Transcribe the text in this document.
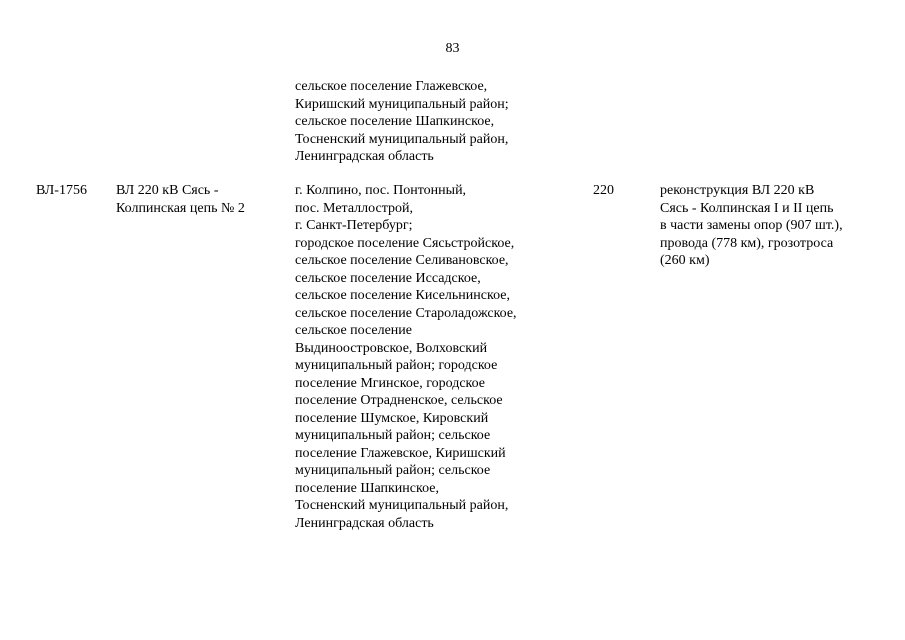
83
сельское поселение Глажевское,
Киришский муниципальный район;
сельское поселение Шапкинское,
Тосненский муниципальный район,
Ленинградская область
ВЛ-1756 ВЛ 220 кВ Сясь -
Колпинская цепь № 2
г. Колпино, пос. Понтонный,
пос. Металлострой,
г. Санкт-Петербург;
городское поселение Сясьстройское,
сельское поселение Селивановское,
сельское поселение Иссадское,
сельское поселение Кисельнинское,
сельское поселение Староладожское,
сельское поселение
Выдиноостровское, Волховский
муниципальный район; городское
поселение Мгинское, городское
поселение Отрадненское, сельское
поселение Шумское, Кировский
муниципальный район; сельское
поселение Глажевское, Киришский
муниципальный район; сельское
поселение Шапкинское,
Тосненский муниципальный район,
Ленинградская область
220	реконструкция ВЛ 220 кВ
Сясь - Колпинская I и II цепь
в части замены опор (907 шт.),
провода (778 км), грозотроса
(260 км)
